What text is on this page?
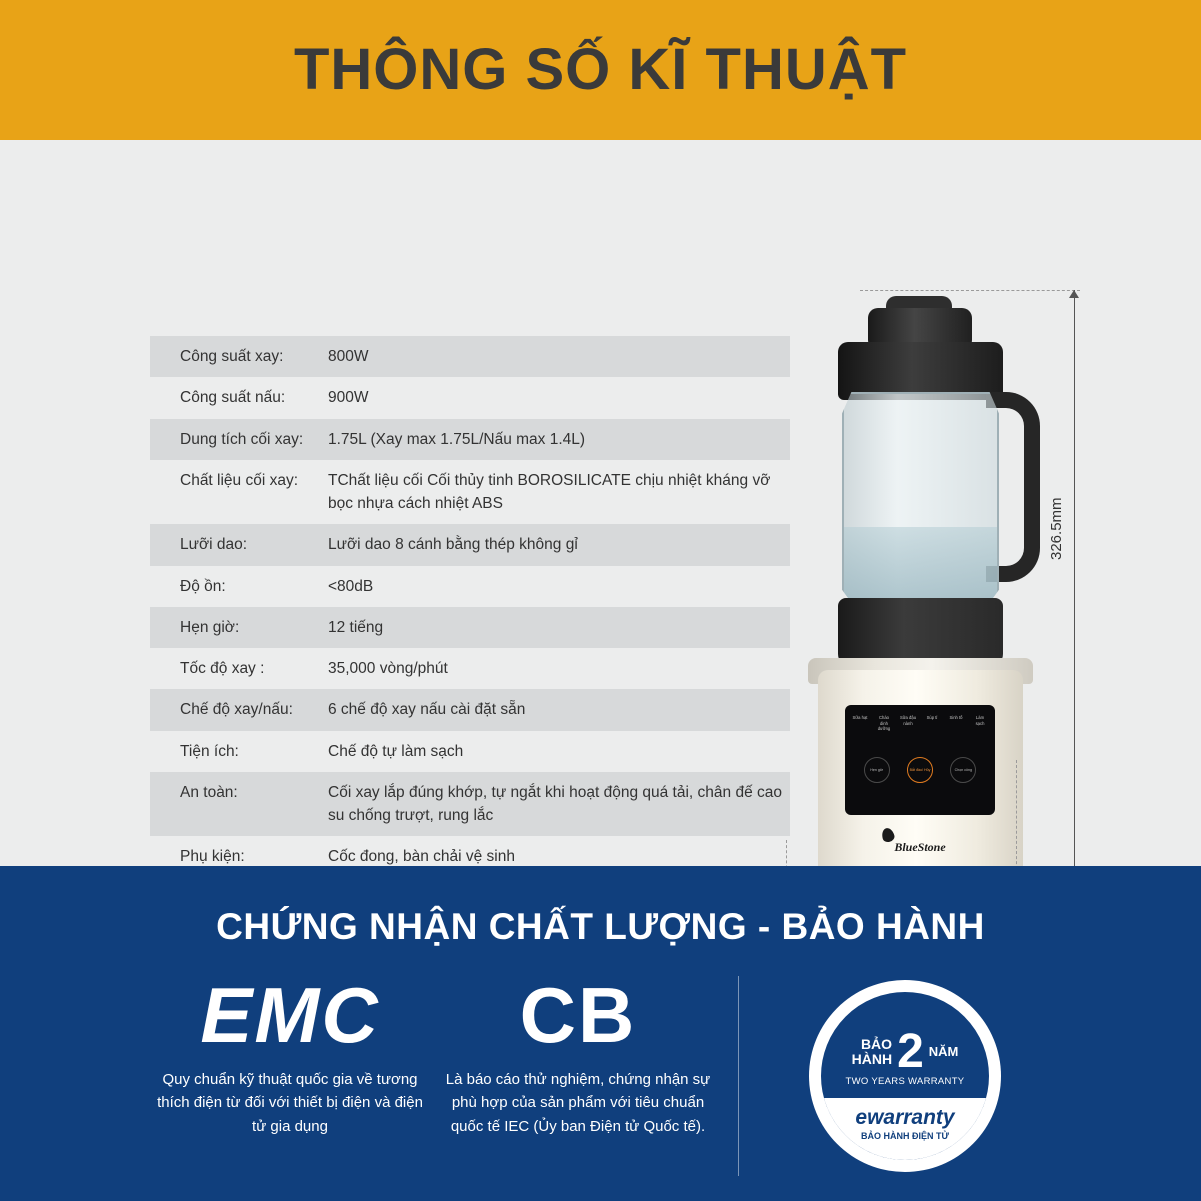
THÔNG SỐ KĨ THUẬT
Công suất xay:	800W
Công suất nấu:	900W
Dung tích cối xay:	1.75L (Xay max 1.75L/Nấu max 1.4L)
Chất liệu cối xay:	TChất liệu cối Cối thủy tinh BOROSILICATE chịu nhiệt kháng vỡ bọc nhựa cách nhiệt ABS
Lưỡi dao:	Lưỡi dao 8 cánh bằng thép không gỉ
Độ ồn:	<80dB
Hẹn giờ:	12 tiếng
Tốc độ xay :	35,000 vòng/phút
Chế độ xay/nấu:	6 chế độ xay nấu cài đặt sẵn
Tiện ích:	Chế độ tự làm sạch
An toàn:	Cối xay lắp đúng khớp, tự ngắt khi hoạt động quá tải, chân đế cao su chống trượt, rung lắc
Phụ kiện:	Cốc đong, bàn chải vệ sinh
Sữa hạt	Cháo dinh dưỡng
Sữa đậu nành
Súp tỉ	Sinh tố	Làm sạch
Hẹn giờ	Bắt đầu/ Hủy	Chọn công
BlueStone
326.5mm
CHỨNG NHẬN CHẤT LƯỢNG - BẢO HÀNH
EMC
Quy chuẩn kỹ thuật quốc gia về tương thích điện từ đối với thiết bị điện và điện tử gia dụng
CB
Là báo cáo thử nghiệm, chứng nhận sự phù hợp của sản phẩm với tiêu chuẩn quốc tế IEC (Ủy ban Điện tử Quốc tế).
BẢO
HÀNH 2 NĂM
TWO YEARS WARRANTY
ewarranty
BẢO HÀNH ĐIỆN TỬ
